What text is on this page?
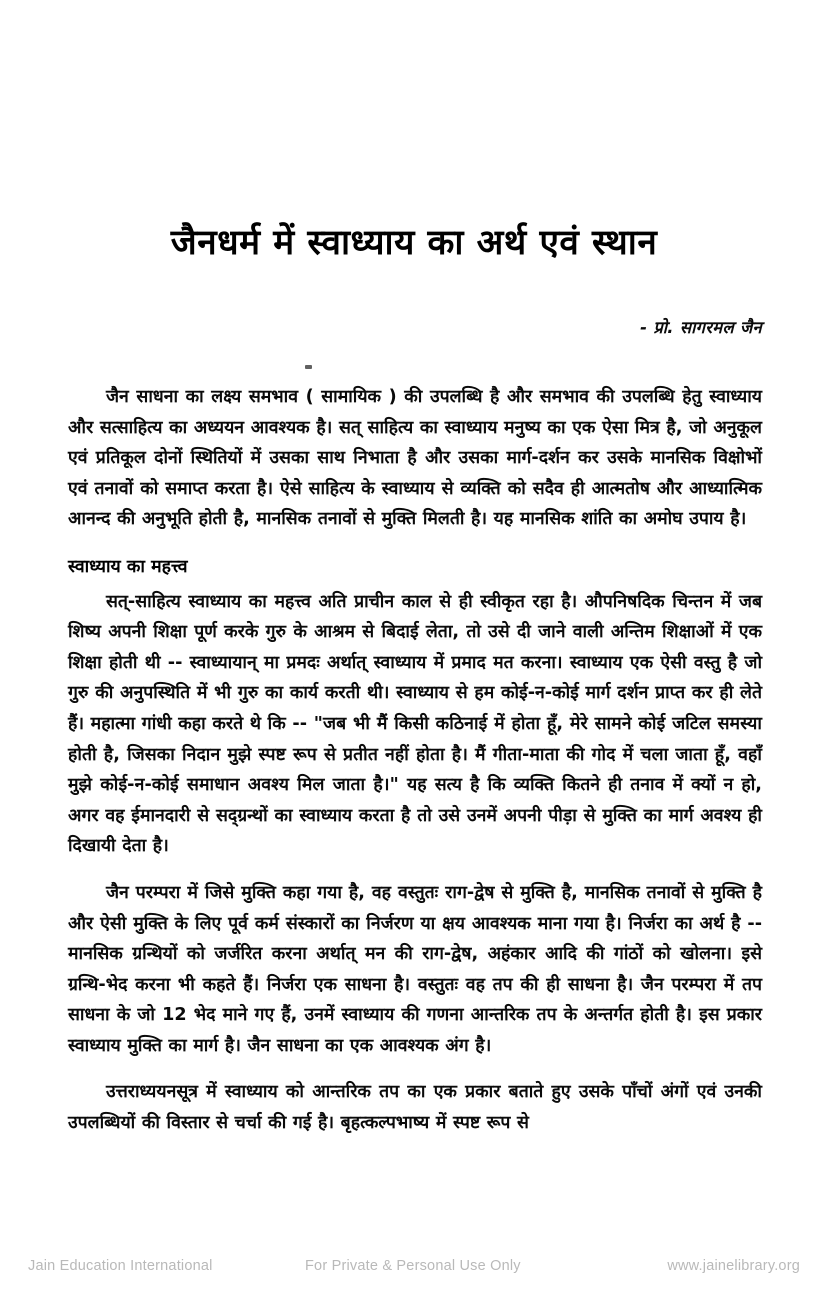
जैनधर्म में स्वाध्याय का अर्थ एवं स्थान
- प्रो. सागरमल जैन

जैन साधना का लक्ष्य समभाव ( सामायिक ) की उपलब्धि है और समभाव की उपलब्धि हेतु स्वाध्याय और सत्साहित्य का अध्ययन आवश्यक है। सत् साहित्य का स्वाध्याय मनुष्य का एक ऐसा मित्र है, जो अनुकूल एवं प्रतिकूल दोनों स्थितियों में उसका साथ निभाता है और उसका मार्ग-दर्शन कर उसके मानसिक विक्षोभों एवं तनावों को समाप्त करता है। ऐसे साहित्य के स्वाध्याय से व्यक्ति को सदैव ही आत्मतोष और आध्यात्मिक आनन्द की अनुभूति होती है, मानसिक तनावों से मुक्ति मिलती है। यह मानसिक शांति का अमोघ उपाय है।

स्वाध्याय का महत्त्व

सत्-साहित्य स्वाध्याय का महत्त्व अति प्राचीन काल से ही स्वीकृत रहा है। औपनिषदिक चिन्तन में जब शिष्य अपनी शिक्षा पूर्ण करके गुरु के आश्रम से बिदाई लेता, तो उसे दी जाने वाली अन्तिम शिक्षाओं में एक शिक्षा होती थी -- स्वाध्यायान् मा प्रमदः अर्थात् स्वाध्याय में प्रमाद मत करना। स्वाध्याय एक ऐसी वस्तु है जो गुरु की अनुपस्थिति में भी गुरु का कार्य करती थी। स्वाध्याय से हम कोई-न-कोई मार्ग दर्शन प्राप्त कर ही लेते हैं। महात्मा गांधी कहा करते थे कि -- "जब भी मैं किसी कठिनाई में होता हूँ, मेरे सामने कोई जटिल समस्या होती है, जिसका निदान मुझे स्पष्ट रूप से प्रतीत नहीं होता है। मैं गीता-माता की गोद में चला जाता हूँ, वहाँ मुझे कोई-न-कोई समाधान अवश्य मिल जाता है।" यह सत्य है कि व्यक्ति कितने ही तनाव में क्यों न हो, अगर वह ईमानदारी से सद्ग्रन्थों का स्वाध्याय करता है तो उसे उनमें अपनी पीड़ा से मुक्ति का मार्ग अवश्य ही दिखायी देता है।

जैन परम्परा में जिसे मुक्ति कहा गया है, वह वस्तुतः राग-द्वेष से मुक्ति है, मानसिक तनावों से मुक्ति है और ऐसी मुक्ति के लिए पूर्व कर्म संस्कारों का निर्जरण या क्षय आवश्यक माना गया है। निर्जरा का अर्थ है -- मानसिक ग्रन्थियों को जर्जरित करना अर्थात् मन की राग-द्वेष, अहंकार आदि की गांठों को खोलना। इसे ग्रन्थि-भेद करना भी कहते हैं। निर्जरा एक साधना है। वस्तुतः वह तप की ही साधना है। जैन परम्परा में तप साधना के जो 12 भेद माने गए हैं, उनमें स्वाध्याय की गणना आन्तरिक तप के अन्तर्गत होती है। इस प्रकार स्वाध्याय मुक्ति का मार्ग है। जैन साधना का एक आवश्यक अंग है।

उत्तराध्ययनसूत्र में स्वाध्याय को आन्तरिक तप का एक प्रकार बताते हुए उसके पाँचों अंगों एवं उनकी उपलब्धियों की विस्तार से चर्चा की गई है। बृहत्कल्पभाष्य में स्पष्ट रूप से

Jain Education International	For Private & Personal Use Only	www.jainelibrary.org
